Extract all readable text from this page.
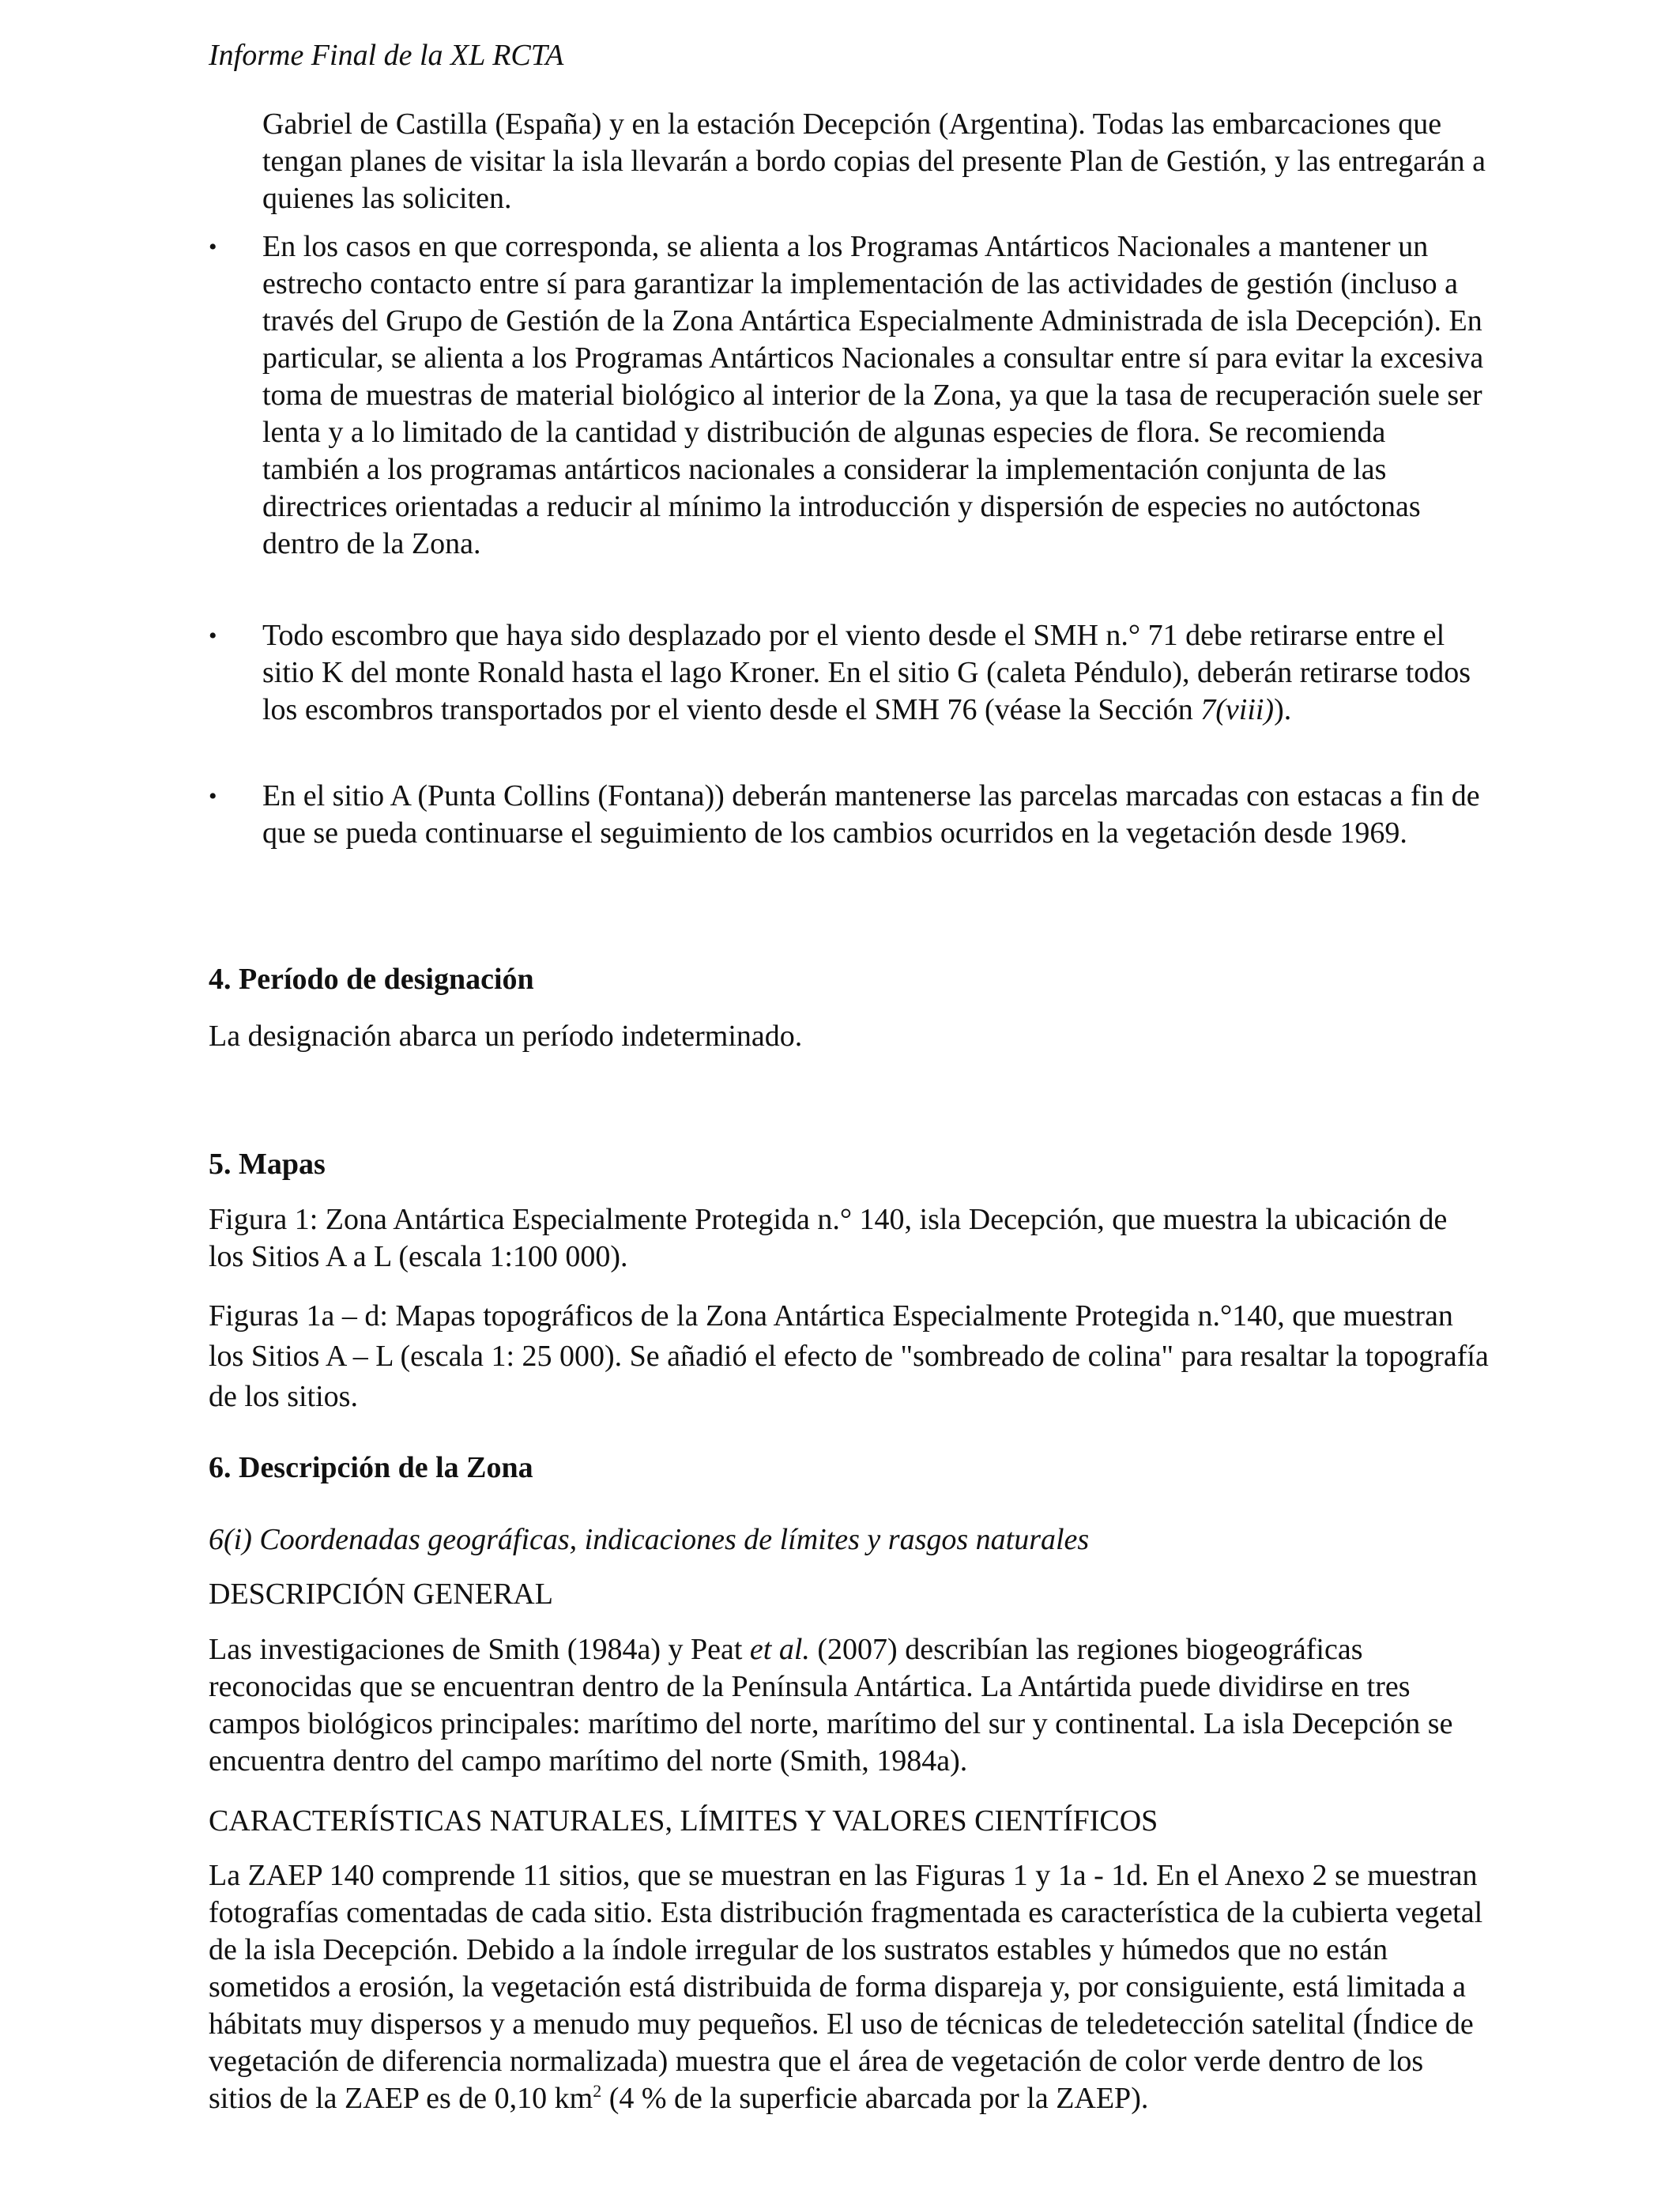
Informe Final de la XL RCTA

Gabriel de Castilla (España) y en la estación Decepción (Argentina). Todas las embarcaciones que tengan planes de visitar la isla llevarán a bordo copias del presente Plan de Gestión, y las entregarán a quienes las soliciten.

• En los casos en que corresponda, se alienta a los Programas Antárticos Nacionales a mantener un estrecho contacto entre sí para garantizar la implementación de las actividades de gestión (incluso a través del Grupo de Gestión de la Zona Antártica Especialmente Administrada de isla Decepción). En particular, se alienta a los Programas Antárticos Nacionales a consultar entre sí para evitar la excesiva toma de muestras de material biológico al interior de la Zona, ya que la tasa de recuperación suele ser lenta y a lo limitado de la cantidad y distribución de algunas especies de flora. Se recomienda también a los programas antárticos nacionales a considerar la implementación conjunta de las directrices orientadas a reducir al mínimo la introducción y dispersión de especies no autóctonas dentro de la Zona.

• Todo escombro que haya sido desplazado por el viento desde el SMH n.° 71 debe retirarse entre el sitio K del monte Ronald hasta el lago Kroner. En el sitio G (caleta Péndulo), deberán retirarse todos los escombros transportados por el viento desde el SMH 76 (véase la Sección 7(viii)).

• En el sitio A (Punta Collins (Fontana)) deberán mantenerse las parcelas marcadas con estacas a fin de que se pueda continuarse el seguimiento de los cambios ocurridos en la vegetación desde 1969.

4. Período de designación

La designación abarca un período indeterminado.

5. Mapas

Figura 1: Zona Antártica Especialmente Protegida n.° 140, isla Decepción, que muestra la ubicación de los Sitios A a L (escala 1:100 000).

Figuras 1a – d: Mapas topográficos de la Zona Antártica Especialmente Protegida n.°140, que muestran los Sitios A – L (escala 1: 25 000). Se añadió el efecto de "sombreado de colina" para resaltar la topografía de los sitios.

6. Descripción de la Zona

6(i) Coordenadas geográficas, indicaciones de límites y rasgos naturales

DESCRIPCIÓN GENERAL

Las investigaciones de Smith (1984a) y Peat et al. (2007) describían las regiones biogeográficas reconocidas que se encuentran dentro de la Península Antártica. La Antártida puede dividirse en tres campos biológicos principales: marítimo del norte, marítimo del sur y continental. La isla Decepción se encuentra dentro del campo marítimo del norte (Smith, 1984a).

CARACTERÍSTICAS NATURALES, LÍMITES Y VALORES CIENTÍFICOS

La ZAEP 140 comprende 11 sitios, que se muestran en las Figuras 1 y 1a - 1d. En el Anexo 2 se muestran fotografías comentadas de cada sitio. Esta distribución fragmentada es característica de la cubierta vegetal de la isla Decepción. Debido a la índole irregular de los sustratos estables y húmedos que no están sometidos a erosión, la vegetación está distribuida de forma dispareja y, por consiguiente, está limitada a hábitats muy dispersos y a menudo muy pequeños. El uso de técnicas de teledetección satelital (Índice de vegetación de diferencia normalizada) muestra que el área de vegetación de color verde dentro de los sitios de la ZAEP es de 0,10 $km^2$ (4 % de la superficie abarcada por la ZAEP).
